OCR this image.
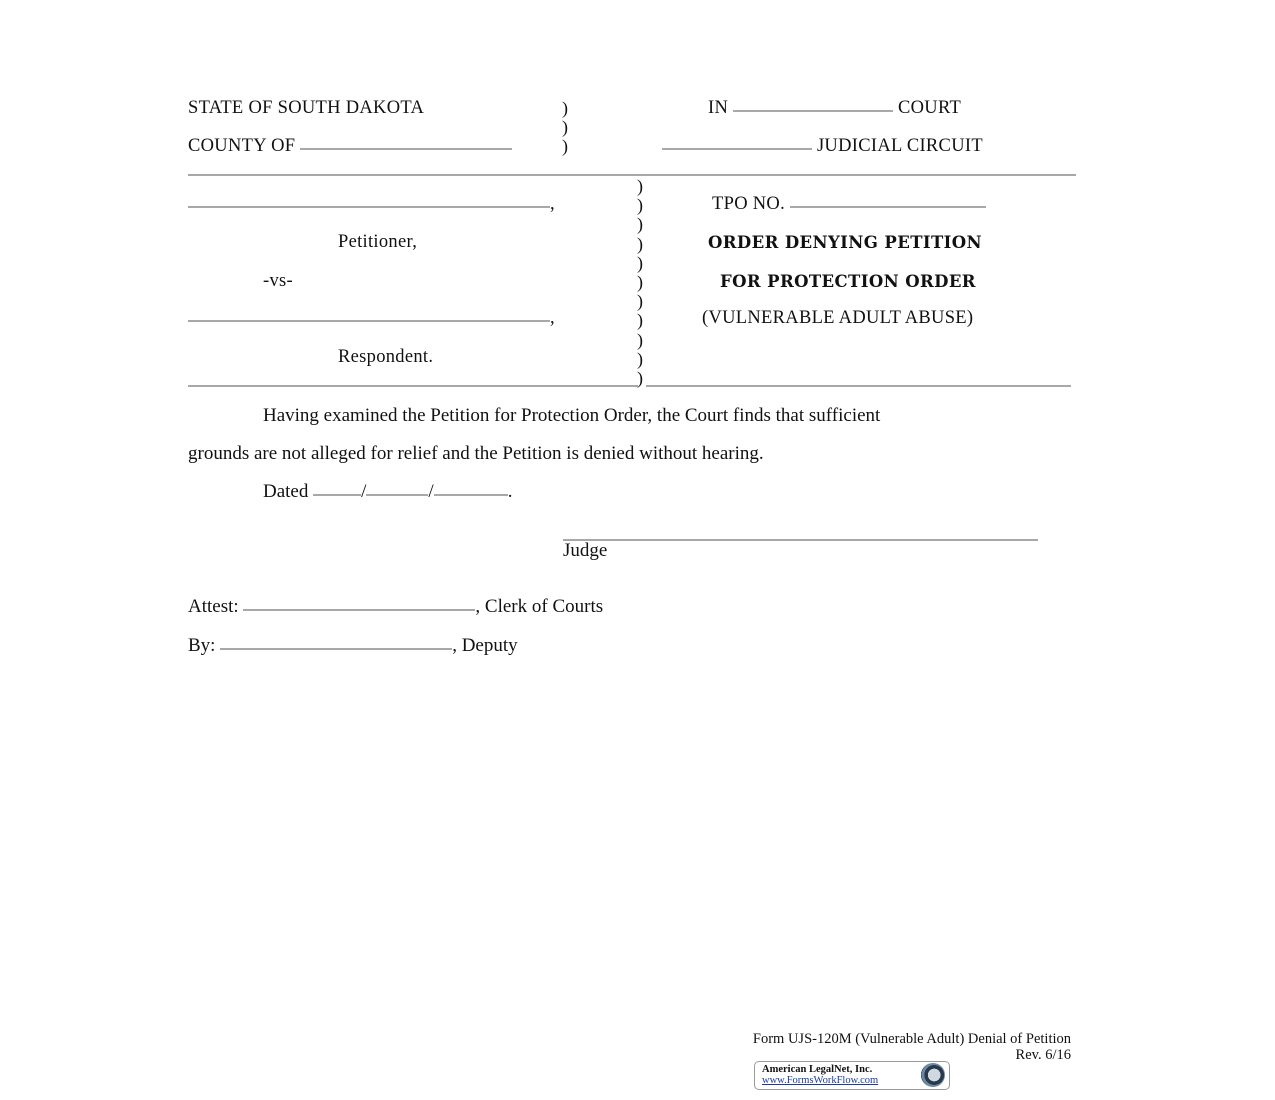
STATE OF SOUTH DAKOTA
COUNTY OF
)
)
)
IN	COURT
JUDICIAL CIRCUIT
,
Petitioner,
-vs-
,
Respondent.
)
)
)
)
)
)
)
)
)
)
)
TPO NO.
ORDER DENYING PETITION
FOR PROTECTION ORDER
(VULNERABLE ADULT ABUSE)
Having examined the Petition for Protection Order, the Court finds that sufficient
grounds are not alleged for relief and the Petition is denied without hearing.
Dated	/	/	.
Judge
Attest:	, Clerk of Courts
By:	, Deputy
Form UJS-120M (Vulnerable Adult) Denial of Petition
Rev. 6/16
American LegalNet, Inc.
www.FormsWorkFlow.com
